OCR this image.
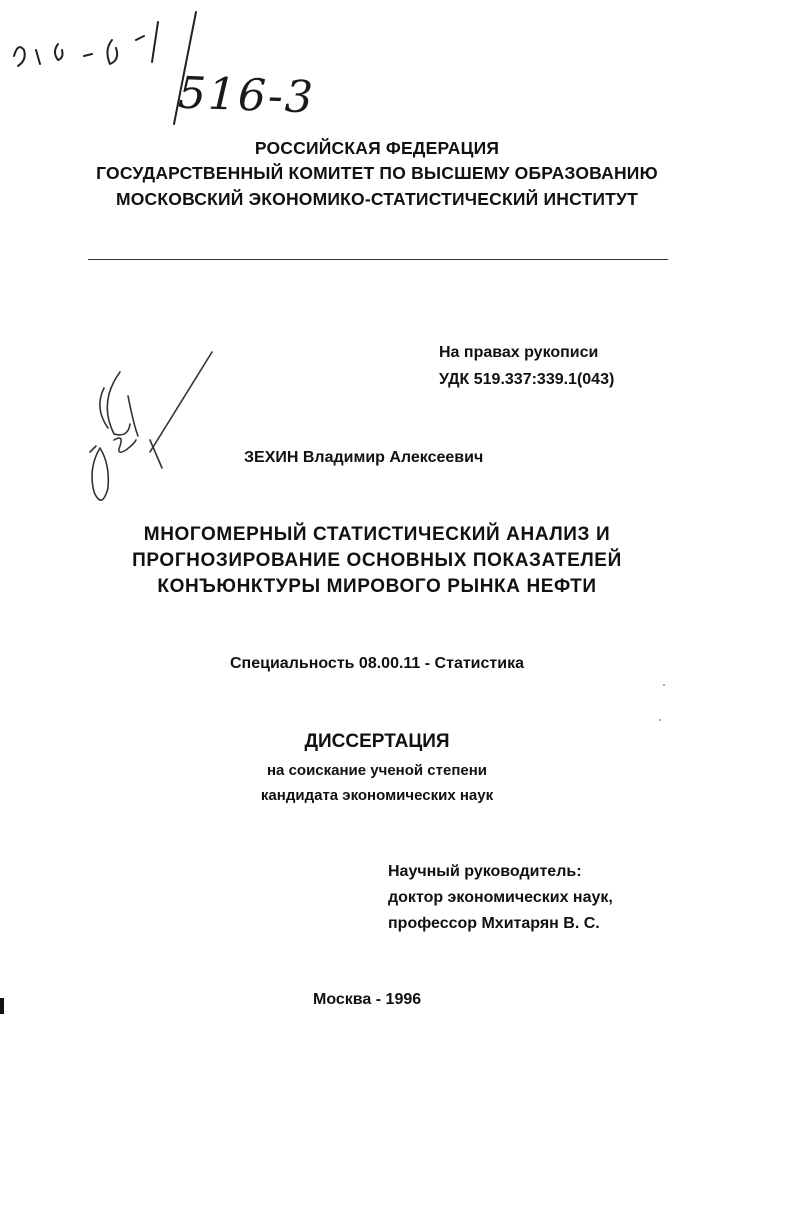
516-3
РОССИЙСКАЯ ФЕДЕРАЦИЯ
ГОСУДАРСТВЕННЫЙ КОМИТЕТ ПО ВЫСШЕМУ ОБРАЗОВАНИЮ
МОСКОВСКИЙ ЭКОНОМИКО-СТАТИСТИЧЕСКИЙ ИНСТИТУТ
На правах рукописи
УДК 519.337:339.1(043)
ЗЕХИН Владимир Алексеевич
МНОГОМЕРНЫЙ СТАТИСТИЧЕСКИЙ АНАЛИЗ И
ПРОГНОЗИРОВАНИЕ ОСНОВНЫХ ПОКАЗАТЕЛЕЙ
КОНЪЮНКТУРЫ МИРОВОГО РЫНКА НЕФТИ
Специальность 08.00.11 - Статистика
ДИССЕРТАЦИЯ
на соискание ученой степени
кандидата экономических наук
Научный руководитель:
доктор экономических наук,
профессор Мхитарян В. С.
Москва - 1996
